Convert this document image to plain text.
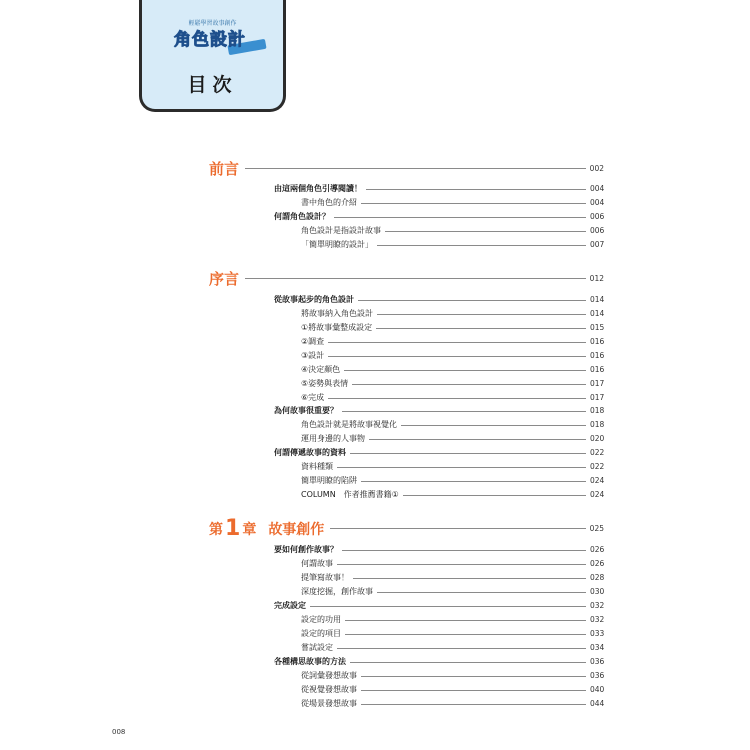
輕鬆學習故事創作
角色設計
目次
前言	002
由這兩個角色引導閱讀！	004
書中角色的介紹	004
何謂角色設計？	006
角色設計是指設計故事	006
「簡單明瞭的設計」	007
序言	012
從故事起步的角色設計	014
將故事納入角色設計	014
①將故事彙整成設定	015
②調查	016
③設計	016
④決定顏色	016
⑤姿勢與表情	017
⑥完成	017
為何故事很重要？	018
角色設計就是將故事視覺化	018
運用身邊的人事物	020
何謂傳遞故事的資料	022
資料種類	022
簡單明瞭的陷阱	024
COLUMN　作者推薦書籍①	024
第 1 章 故事創作	025
要如何創作故事？	026
何謂故事	026
提筆寫故事！	028
深度挖掘，創作故事	030
完成設定	032
設定的功用	032
設定的項目	033
嘗試設定	034
各種構思故事的方法	036
從詞彙發想故事	036
從視覺發想故事	040
從場景發想故事	044
008
